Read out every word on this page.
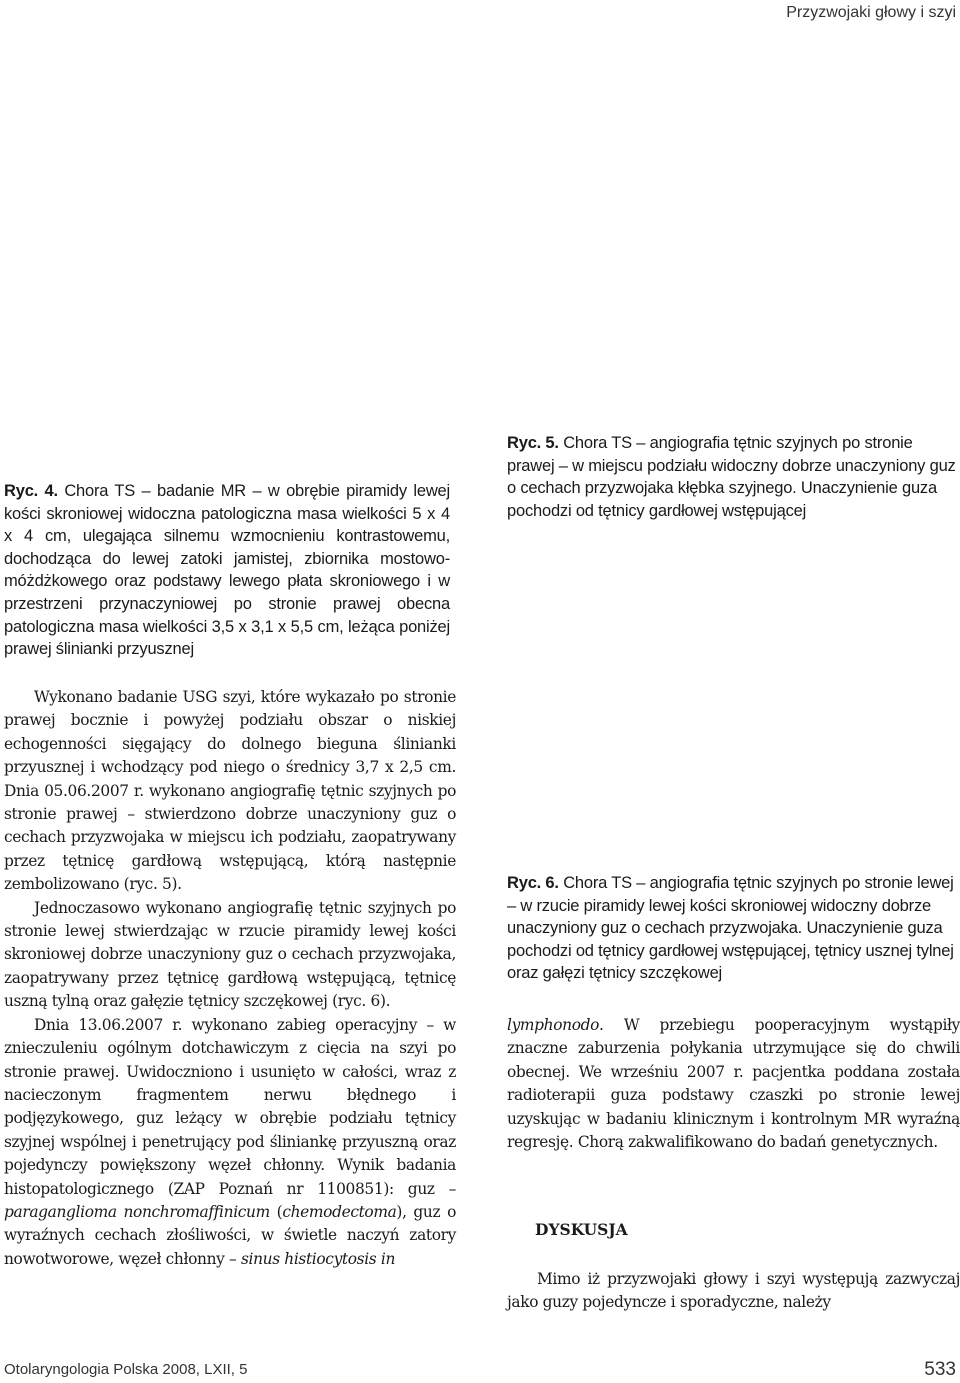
Przyzwojaki głowy i szyi
Ryc. 4. Chora TS – badanie MR – w obrębie piramidy lewej kości skroniowej widoczna patologiczna masa wielkości 5 x 4 x 4 cm, ulegająca silnemu wzmocnieniu kontrastowemu, dochodząca do lewej zatoki jamistej, zbiornika mostowo-móżdżkowego oraz podstawy lewego płata skroniowego i w przestrzeni przynaczyniowej po stronie prawej obecna patologiczna masa wielkości 3,5 x 3,1 x 5,5 cm, leżąca poniżej prawej ślinianki przyusznej
Ryc. 5. Chora TS – angiografia tętnic szyjnych po stronie prawej – w miejscu podziału widoczny dobrze unaczyniony guz o cechach przyzwojaka kłębka szyjnego. Unaczynienie guza pochodzi od tętnicy gardłowej wstępującej
Ryc. 6. Chora TS – angiografia tętnic szyjnych po stronie lewej – w rzucie piramidy lewej kości skroniowej widoczny dobrze unaczyniony guz o cechach przyzwojaka. Unaczynienie guza pochodzi od tętnicy gardłowej wstępującej, tętnicy usznej tylnej oraz gałęzi tętnicy szczękowej

Wykonano badanie USG szyi, które wykazało po stronie prawej bocznie i powyżej podziału obszar o niskiej echogenności sięgający do dolnego bieguna ślinianki przyusznej i wchodzący pod niego o średnicy 3,7 x 2,5 cm. Dnia 05.06.2007 r. wykonano angiografię tętnic szyjnych po stronie prawej – stwierdzono dobrze unaczyniony guz o cechach przyzwojaka w miejscu ich podziału, zaopatrywany przez tętnicę gardłową wstępującą, którą następnie zembolizowano (ryc. 5).

Jednoczasowo wykonano angiografię tętnic szyjnych po stronie lewej stwierdzając w rzucie piramidy lewej kości skroniowej dobrze unaczyniony guz o cechach przyzwojaka, zaopatrywany przez tętnicę gardłową wstępującą, tętnicę uszną tylną oraz gałęzie tętnicy szczękowej (ryc. 6).

Dnia 13.06.2007 r. wykonano zabieg operacyjny – w znieczuleniu ogólnym dotchawiczym z cięcia na szyi po stronie prawej. Uwidoczniono i usunięto w całości, wraz z nacieczonym fragmentem nerwu błędnego i podjęzykowego, guz leżący w obrębie podziału tętnicy szyjnej wspólnej i penetrujący pod śliniankę przyuszną oraz pojedynczy powiększony węzeł chłonny. Wynik badania histopatologicznego (ZAP Poznań nr 1100851): guz – paraganglioma nonchromaffinicum (chemodectoma), guz o wyraźnych cechach złośliwości, w świetle naczyń zatory nowotworowe, węzeł chłonny – sinus histiocytosis in

lymphonodo. W przebiegu pooperacyjnym wystąpiły znaczne zaburzenia połykania utrzymujące się do chwili obecnej. We wrześniu 2007 r. pacjentka poddana została radioterapii guza podstawy czaszki po stronie lewej uzyskując w badaniu klinicznym i kontrolnym MR wyraźną regresję. Chorą zakwalifikowano do badań genetycznych.

DYSKUSJA

Mimo iż przyzwojaki głowy i szyi występują zazwyczaj jako guzy pojedyncze i sporadyczne, należy

Otolaryngologia Polska 2008, LXII, 5	533
